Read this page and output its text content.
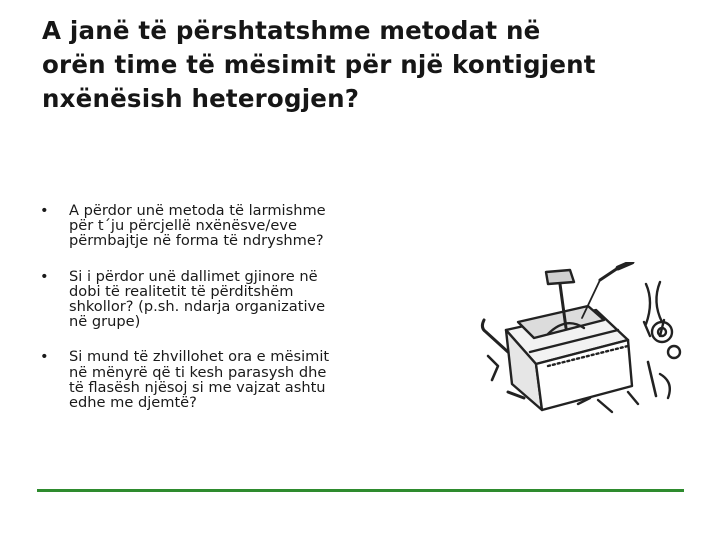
A janë të përshtatshme metodat në
orën time të mësimit për një kontigjent
nxënësish heterogjen?
• A përdor unë metoda të larmishme
për t´ju përcjellë nxënësve/eve
përmbajtje në forma të ndryshme?
• Si i përdor unë dallimet gjinore në
dobi të realitetit të përditshëm
shkollor? (p.sh. ndarja organizative
në grupe)
• Si mund të zhvillohet ora e mësimit
në mënyrë që ti kesh parasysh dhe
të flasësh njësoj si me vajzat ashtu
edhe me djemtë?
